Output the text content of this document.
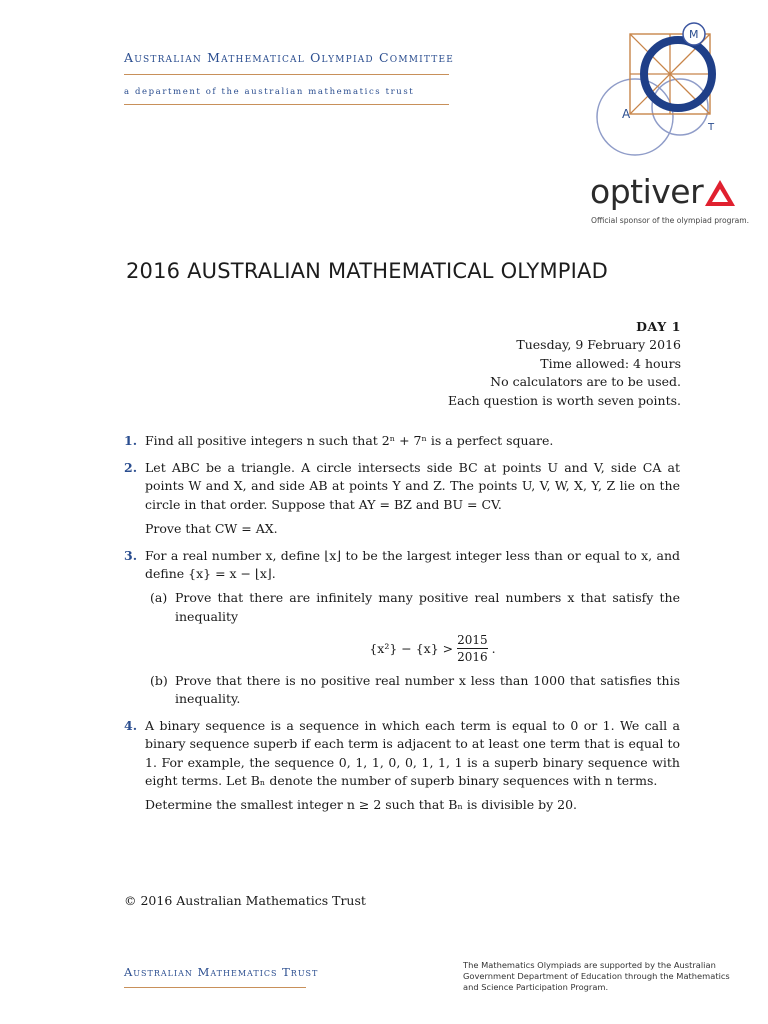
Australian Mathematical Olympiad Committee
a department of the australian mathematics trust
M
A
T
optiver
Official sponsor of the olympiad program.
2016 AUSTRALIAN MATHEMATICAL OLYMPIAD
DAY 1
Tuesday, 9 February 2016
Time allowed: 4 hours
No calculators are to be used.
Each question is worth seven points.
1. Find all positive integers n such that 2ⁿ + 7ⁿ is a perfect square.

2. Let ABC be a triangle. A circle intersects side BC at points U and V, side CA at points W and X, and side AB at points Y and Z. The points U, V, W, X, Y, Z lie on the circle in that order. Suppose that AY = BZ and BU = CV.

Prove that CW = AX.

3. For a real number x, define ⌊x⌋ to be the largest integer less than or equal to x, and define {x} = x − ⌊x⌋.

(a) Prove that there are infinitely many positive real numbers x that satisfy the inequality
$\{x^2\} - \{x\} > \frac{2015}{2016}$ .
(b) Prove that there is no positive real number x less than 1000 that satisfies this inequality.
4. A binary sequence is a sequence in which each term is equal to 0 or 1. We call a binary sequence superb if each term is adjacent to at least one term that is equal to 1. For example, the sequence 0, 1, 1, 0, 0, 1, 1, 1 is a superb binary sequence with eight terms. Let Bₙ denote the number of superb binary sequences with n terms.

Determine the smallest integer n ≥ 2 such that Bₙ is divisible by 20.

© 2016 Australian Mathematics Trust
Australian Mathematics Trust	The Mathematics Olympiads are supported by the Australian Government Department of Education through the Mathematics and Science Participation Program.
